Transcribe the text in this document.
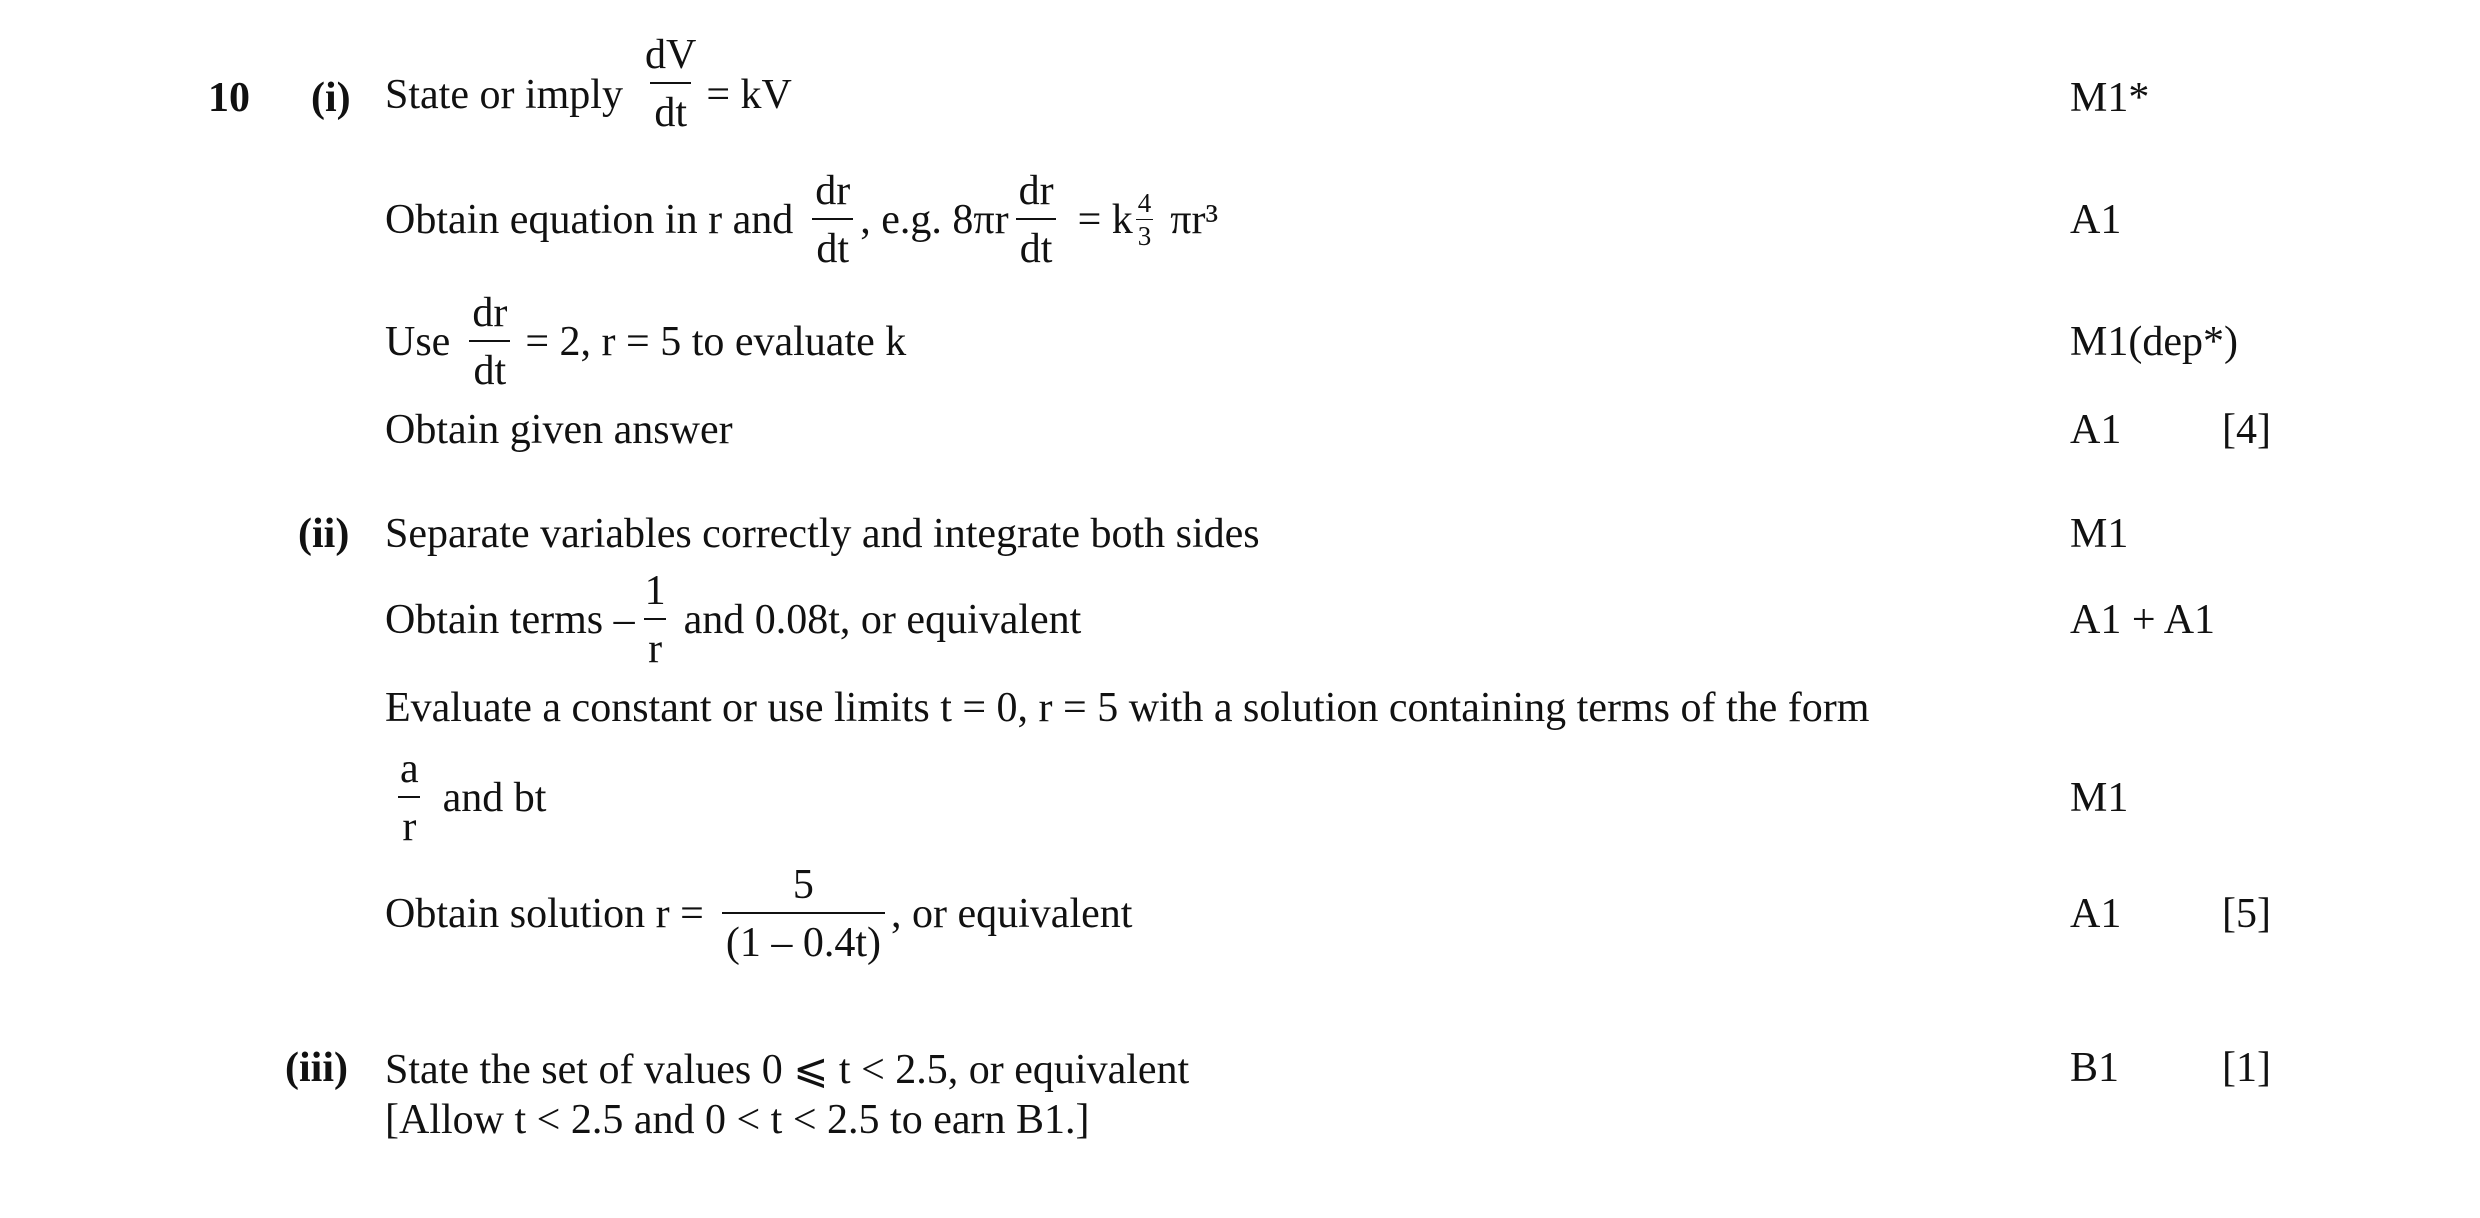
10 (i) State or imply $\frac{dV}{dt}$ = kV	M1*
Obtain equation in r and $\frac{dr}{dt}$ , e.g. $8\pi r \frac{dr}{dt} = k \frac{4}{3} \pi r^3$	A1
Use $\frac{dr}{dt} = 2$, r = 5 to evaluate k	M1(dep*)
Obtain given answer	A1 [4]
(ii) Separate variables correctly and integrate both sides	M1
Obtain terms – $\frac{1}{r}$ and 0.08t, or equivalent	A1 + A1
Evaluate a constant or use limits t = 0, r = 5 with a solution containing terms of the form
$\frac{a}{r}$ and bt	M1
Obtain solution $r = \frac{5}{(1 - 0.4t)}$ , or equivalent	A1 [5]
(iii) State the set of values 0 ⩽ t < 2.5, or equivalent	B1 [1]
[Allow t < 2.5 and 0 < t < 2.5 to earn B1.]
